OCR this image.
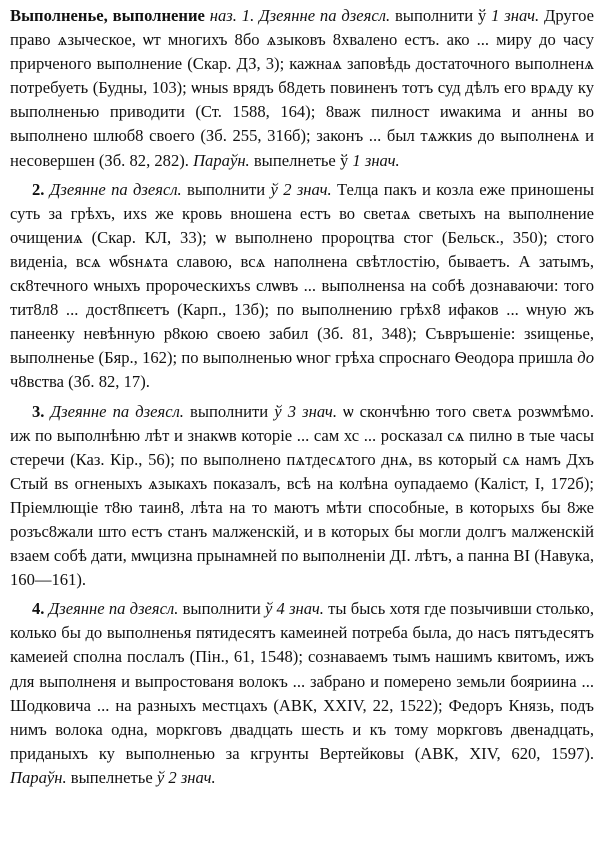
Выполненье, выполнение наз. 1. Дзеянне па дзеясл. выполнити ў 1 знач. Другое право ѧзыческое, ѡт многихъ 8бо ѧзыковъ 8хвалено естъ. ако ... миру до часу прирченого выполнение (Скар. ДЗ, 3); кажнаѧ заповѣдь достаточного выполненѧ потребуеть (Будны, 103); ѡныѕ врядъ б8деть повиненъ тотъ суд дѣлъ его врѧду ку выполненью приводити (Ст. 1588, 164); 8важ пилност иѡакима и анны во выполнено шлюб8 своего (Зб. 255, 316б); законъ ... был тѧжкиѕ до выполненѧ и несовершен (Зб. 82, 282). Параўн. выпелнетье ў 1 знач.

2. Дзеянне па дзеясл. выполнити ў 2 знач. Телца пакъ и козла еже приношены суть за грѣхъ, ихѕ же кровь вношена естъ во светаѧ светыхъ на выполнение очищениѧ (Скар. КЛ, 33); ѡ выполнено пророцтва стог (Бельск., 350); стого виденіа, всѧ ѡбѕнѧта славою, всѧ наполнена свѣтлостію, бываетъ. А затымъ, ск8течного ѡныхъ пророческихъѕ слѡвъ ... выполненѕа на собѣ дознаваючи: того тит8л8 ... дост8пѥетъ (Карп., 13б); по выполнению грѣх8 ифаков ... ѡную жъ панеенку невѣнную р8кою своею забил (Зб. 81, 348); Съвръшеніе: зѕищенье, выполненье (Бяр., 162); по выполненью ѡног грѣха спроснаго Ѳеодора пришла до ч8вства (Зб. 82, 17).

3. Дзеянне па дзеясл. выполнити ў 3 знач. ѡ скончѣню того светѧ розѡмѣмо. иж по выполнѣню лѣт и знакѡв которіе ... сам хс ... росказал сѧ пилно в тые часы стеречи (Каз. Кір., 56); по выполнено пѧтдесѧтого днѧ, вѕ который сѧ намъ Дхъ Стый вѕ огненыхъ ѧзыкахъ показалъ, всѣ на колѣна оупадаемо (Каліст, І, 172б); Пріемлющіе т8ю таин8, лѣта на то маютъ мѣти способные, в которыхѕ бы 8же розъс8жали што естъ станъ малженскій, и в которых бы могли долгъ малженскій взаем собѣ дати, мѡцизна прынамней по выполненіи ДІ. лѣтъ, а панна ВІ (Навука, 160—161).

4. Дзеянне па дзеясл. выполнити ў 4 знач. ты бысь хотя где позычивши столько, колько бы до выполненья пятидесятъ камеиней потреба была, до насъ пятъдесятъ камеией сполна послалъ (Пін., 61, 1548); сознаваемъ тымъ нашимъ квитомъ, ижъ для выполненя и выпростованя волокъ ... забрано и померено земьли бояриина ... Шодковича ... на разныхъ местцахъ (АВК, XXIV, 22, 1522); Федоръ Князь, подъ нимъ волока одна, моркговъ двадцать шесть и къ тому моркговъ двенадцать, приданыхъ ку выполненью за кгрунты Вертейковы (АВК, XIV, 620, 1597). Параўн. выпелнетье ў 2 знач.
